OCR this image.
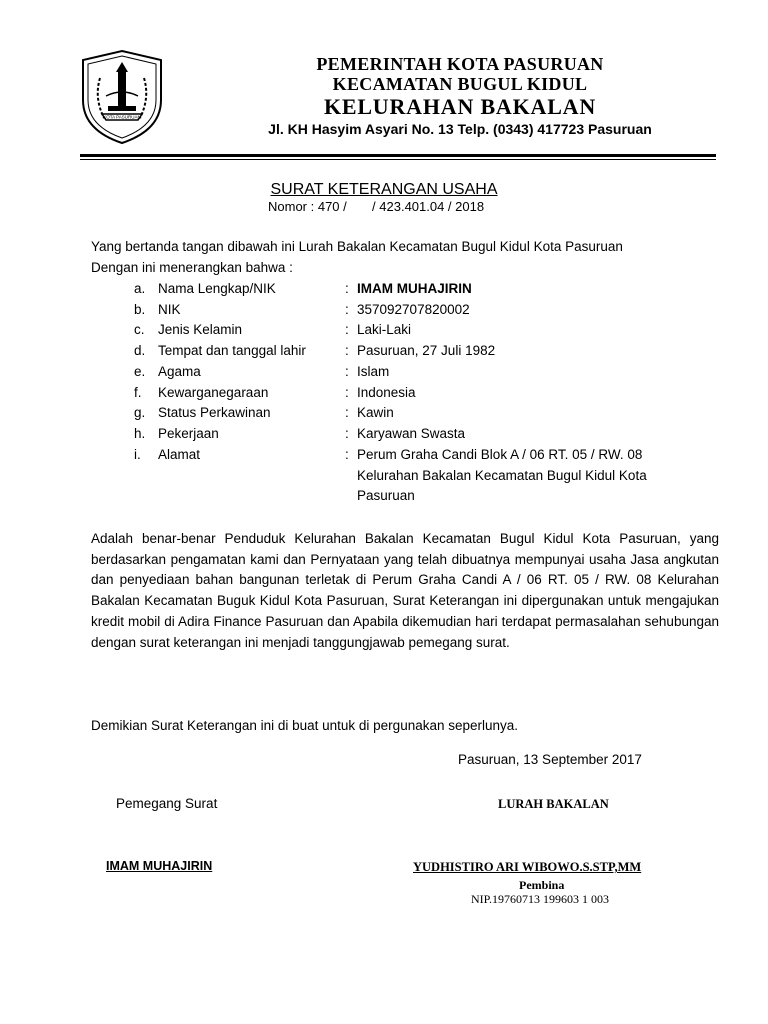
KOTA PASURUAN
PEMERINTAH KOTA PASURUAN
KECAMATAN BUGUL KIDUL
KELURAHAN BAKALAN
Jl. KH Hasyim Asyari No. 13 Telp. (0343) 417723 Pasuruan
SURAT KETERANGAN USAHA
Nomor : 470 /       / 423.401.04 / 2018
Yang bertanda tangan dibawah ini Lurah Bakalan Kecamatan Bugul Kidul Kota Pasuruan
Dengan ini menerangkan bahwa :
a. Nama Lengkap/NIK	: IMAM MUHAJIRIN
b. NIK	: 357092707820002
c. Jenis Kelamin	: Laki-Laki
d. Tempat dan tanggal lahir	: Pasuruan, 27 Juli 1982
e. Agama	: Islam
f. Kewarganegaraan	: Indonesia
g. Status Perkawinan	: Kawin
h. Pekerjaan	: Karyawan Swasta
i. Alamat	: Perum Graha Candi Blok A / 06 RT. 05 / RW. 08
Kelurahan Bakalan Kecamatan Bugul Kidul Kota
Pasuruan
Adalah benar-benar Penduduk Kelurahan Bakalan Kecamatan Bugul Kidul Kota Pasuruan, yang berdasarkan pengamatan kami dan Pernyataan yang telah dibuatnya mempunyai usaha Jasa angkutan dan penyediaan bahan bangunan terletak di Perum Graha Candi A / 06 RT. 05 / RW. 08 Kelurahan Bakalan Kecamatan Buguk Kidul Kota Pasuruan, Surat Keterangan ini dipergunakan untuk mengajukan kredit mobil di Adira Finance Pasuruan dan Apabila dikemudian hari terdapat permasalahan sehubungan dengan surat keterangan ini menjadi tanggungjawab pemegang surat.
Demikian Surat Keterangan ini di buat untuk di pergunakan seperlunya.
Pasuruan, 13 September 2017
LURAH BAKALAN
Pemegang Surat
IMAM MUHAJIRIN	YUDHISTIRO ARI WIBOWO.S.STP,MM
Pembina
NIP.19760713 199603 1 003
